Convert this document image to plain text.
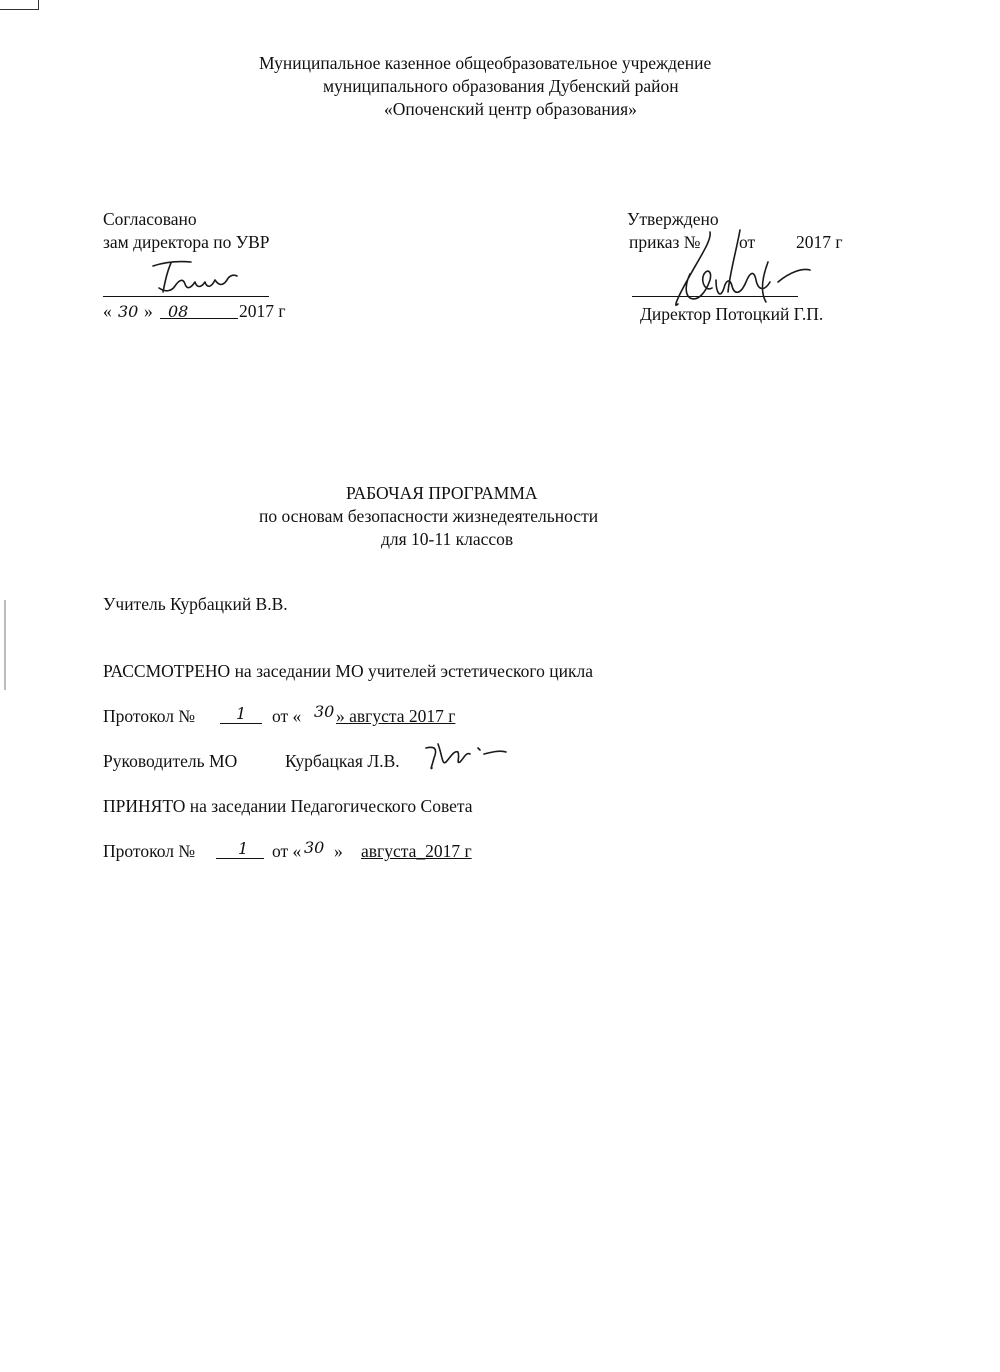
Муниципальное казенное общеобразовательное учреждение
муниципального образования Дубенский район
«Опоченский центр образования»
Согласовано
зам директора по УВР
« 30 » 08	2017 г
Утверждено
приказ № от 2017 г
Директор Потоцкий Г.П.
РАБОЧАЯ ПРОГРАММА
по основам безопасности жизнедеятельности
для 10-11 классов
Учитель Курбацкий В.В.
РАССМОТРЕНО на заседании МО учителей эстетического цикла
Протокол №	1 от « 30 » августа 2017 г
Руководитель МО	Курбацкая Л.В.
ПРИНЯТО на заседании Педагогического Совета
Протокол №	1 от « 30 » августа_2017 г
